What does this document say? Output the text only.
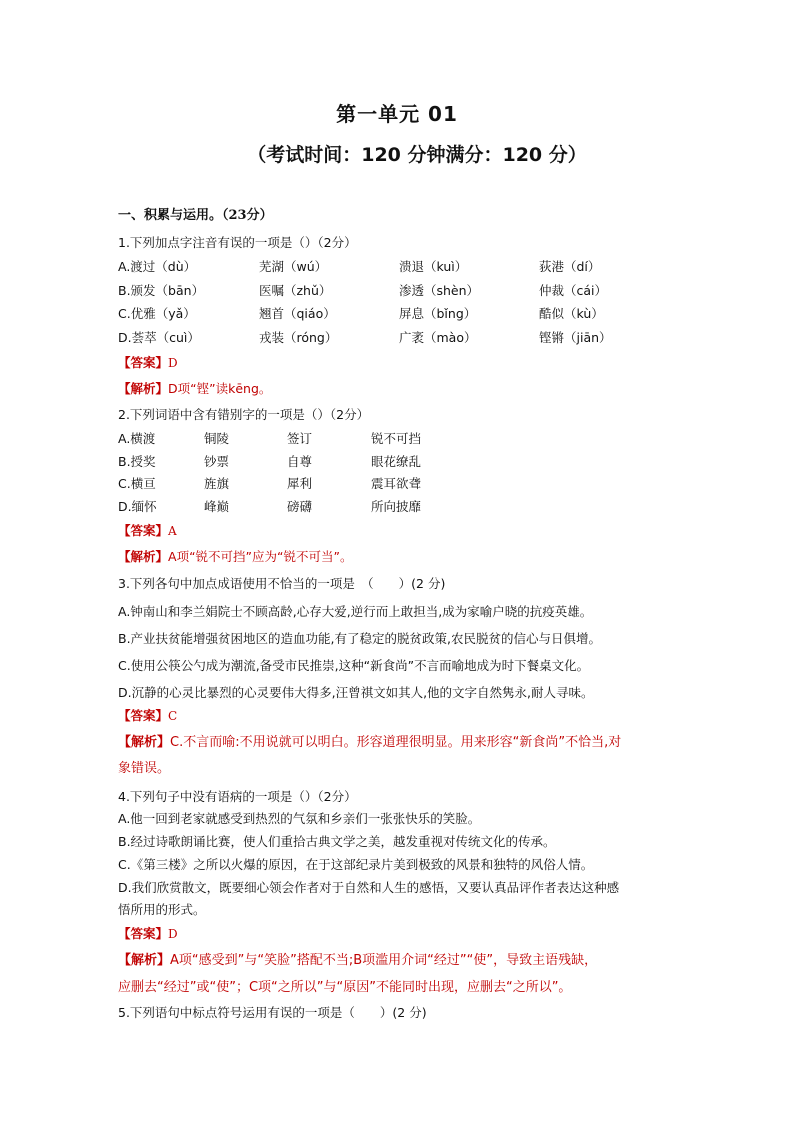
第一单元 01
（考试时间：120 分钟满分：120 分）
一、积累与运用。（23分）
1.下列加点字注音有误的一项是（）（2分）
A.渡过（dù）	芜湖（wú）	溃退（kuì）	荻港（dí）
B.颁发（bān）	医嘱（zhǔ）	渗透（shèn）	仲裁（cái）
C.优雅（yǎ）	翘首（qiáo）	屏息（bǐng）	酷似（kù）
D.荟萃（cuì）	戎装（róng）	广袤（mào）	铿锵（jiān）
【答案】D
【解析】D项“铿”读kēng。
2.下列词语中含有错别字的一项是（）（2分）
A.横渡	铜陵	签订	锐不可挡
B.授奖	钞票	自尊	眼花缭乱
C.横亘	旌旗	犀利	震耳欲聋
D.缅怀	峰巅	磅礴	所向披靡
【答案】A
【解析】A项“锐不可挡”应为“锐不可当”。
3.下列各句中加点成语使用不恰当的一项是　（　　）(2 分)
A.钟南山和李兰娟院士不顾高龄,心存大爱,逆行而上敢担当,成为家喻户晓的抗疫英雄。
B.产业扶贫能增强贫困地区的造血功能,有了稳定的脱贫政策,农民脱贫的信心与日俱增。
C.使用公筷公勺成为潮流,备受市民推崇,这种“新食尚”不言而喻地成为时下餐桌文化。
D.沉静的心灵比暴烈的心灵要伟大得多,汪曾祺文如其人,他的文字自然隽永,耐人寻味。
【答案】C
【解析】C.不言而喻:不用说就可以明白。形容道理很明显。用来形容“新食尚”不恰当,对
象错误。
4.下列句子中没有语病的一项是（）（2分）
A.他一回到老家就感受到热烈的气氛和乡亲们一张张快乐的笑脸。
B.经过诗歌朗诵比赛，使人们重拾古典文学之美，越发重视对传统文化的传承。
C.《第三楼》之所以火爆的原因，在于这部纪录片美到极致的风景和独特的风俗人情。
D.我们欣赏散文，既要细心领会作者对于自然和人生的感悟，又要认真品评作者表达这种感
悟所用的形式。
【答案】D
【解析】A项“感受到”与“笑脸”搭配不当;B项滥用介词“经过”“使”，导致主语残缺，
应删去“经过”或“使”；C项“之所以”与“原因”不能同时出现，应删去“之所以”。
5.下列语句中标点符号运用有误的一项是（　　）(2 分)
